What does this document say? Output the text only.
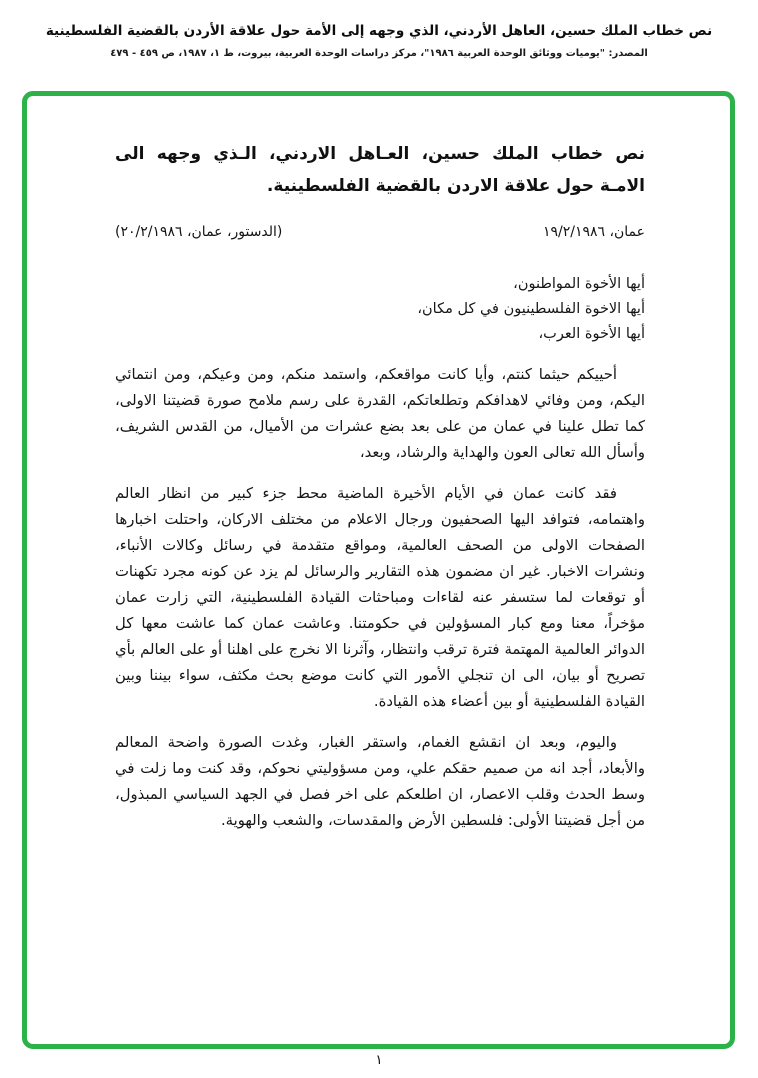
نص خطاب الملك حسين، العاهل الأردني، الذي وجهه إلى الأمة حول علاقة الأردن بالقضية الفلسطينية
المصدر: "يوميات ووثائق الوحدة العربية ١٩٨٦"، مركز دراسات الوحدة العربية، بيروت، ط ١، ١٩٨٧، ص ٤٥٩ - ٤٧٩
نص خطاب الملك حسين، العـاهل الاردني، الـذي وجهه الى الامـة حول علاقة الاردن بالقضية الفلسطينية.
عمان، ١٩/٢/١٩٨٦
(الدستور، عمان، ٢٠/٢/١٩٨٦)

أيها الأخوة المواطنون،

أيها الاخوة الفلسطينيون في كل مكان،

أيها الأخوة العرب،

أحييكم حيثما كنتم، وأيا كانت مواقعكم، واستمد منكم، ومن وعيكم، ومن انتمائي اليكم، ومن وفائي لاهدافكم وتطلعاتكم، القدرة على رسم ملامح صورة قضيتنا الاولى، كما تطل علينا في عمان من على بعد بضع عشرات من الأميال، من القدس الشريف، وأسأل الله تعالى العون والهداية والرشاد، وبعد،

فقد كانت عمان في الأيام الأخيرة الماضية محط جزء كبير من انظار العالم واهتمامه، فتوافد اليها الصحفيون ورجال الاعلام من مختلف الاركان، واحتلت اخبارها الصفحات الاولى من الصحف العالمية، ومواقع متقدمة في رسائل وكالات الأنباء، ونشرات الاخبار. غير ان مضمون هذه التقارير والرسائل لم يزد عن كونه مجرد تكهنات أو توقعات لما ستسفر عنه لقاءات ومباحثات القيادة الفلسطينية، التي زارت عمان مؤخراً، معنا ومع كبار المسؤولين في حكومتنا. وعاشت عمان كما عاشت معها كل الدوائر العالمية المهتمة فترة ترقب وانتظار، وآثرنا الا نخرج على اهلنا أو على العالم بأي تصريح أو بيان، الى ان تنجلي الأمور التي كانت موضع بحث مكثف، سواء بيننا وبين القيادة الفلسطينية أو بين أعضاء هذه القيادة.

واليوم، وبعد ان انقشع الغمام، واستقر الغبار، وغدت الصورة واضحة المعالم والأبعاد، أجد انه من صميم حقكم علي، ومن مسؤوليتي نحوكم، وقد كنت وما زلت في وسط الحدث وقلب الاعصار، ان اطلعكم على اخر فصل في الجهد السياسي المبذول، من أجل قضيتنا الأولى: فلسطين الأرض والمقدسات، والشعب والهوية.

١
